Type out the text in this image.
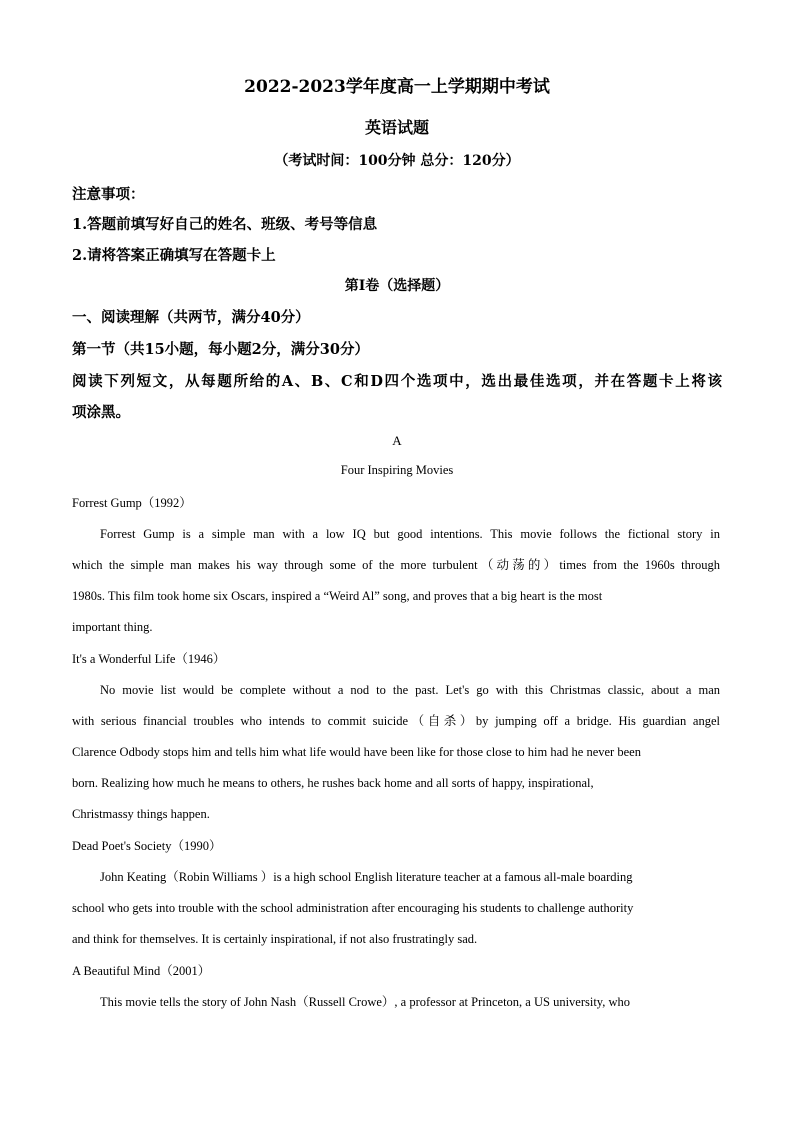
2022-2023学年度高一上学期期中考试
英语试题
（考试时间：100分钟 总分：120分）
注意事项：
1.答题前填写好自己的姓名、班级、考号等信息
2.请将答案正确填写在答题卡上
第I卷（选择题）
一、阅读理解（共两节，满分40分）
第一节（共15小题，每小题2分，满分30分）
阅读下列短文，从每题所给的A、B、C和D四个选项中，选出最佳选项，并在答题卡上将该
项涂黑。
A
Four Inspiring Movies
Forrest Gump（1992）
Forrest Gump is a simple man with a low IQ but good intentions. This movie follows the fictional story in
which the simple man makes his way through some of the more turbulent（动荡的）times from the 1960s through
1980s. This film took home six Oscars, inspired a “Weird Al” song, and proves that a big heart is the most
important thing.
It's a Wonderful Life（1946）
No movie list would be complete without a nod to the past. Let's go with this Christmas classic, about a man
with serious financial troubles who intends to commit suicide（自杀）by jumping off a bridge. His guardian angel
Clarence Odbody stops him and tells him what life would have been like for those close to him had he never been
born. Realizing how much he means to others, he rushes back home and all sorts of happy, inspirational,
Christmassy things happen.
Dead Poet's Society（1990）
John Keating（Robin Williams ）is a high school English literature teacher at a famous all-male boarding
school who gets into trouble with the school administration after encouraging his students to challenge authority
and think for themselves. It is certainly inspirational, if not also frustratingly sad.
A Beautiful Mind（2001）
This movie tells the story of John Nash（Russell Crowe）, a professor at Princeton, a US university, who
